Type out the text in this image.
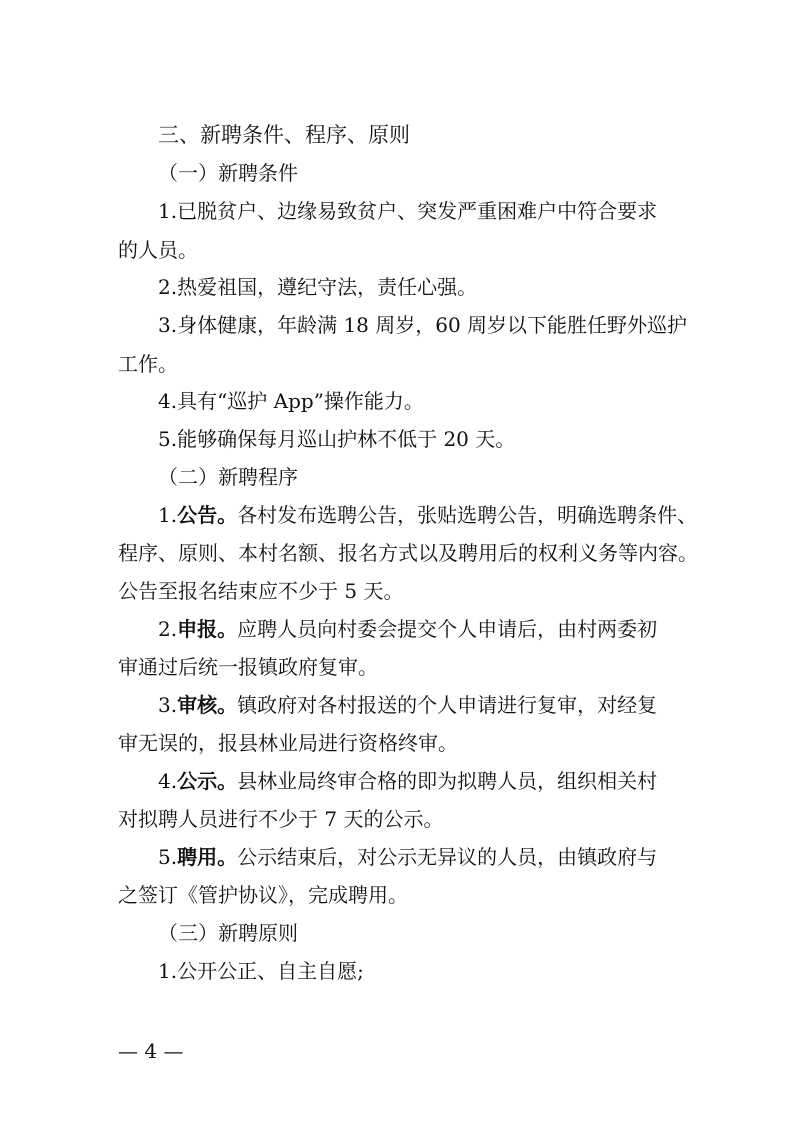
三、新聘条件、程序、原则
（一）新聘条件
1.已脱贫户、边缘易致贫户、突发严重困难户中符合要求
的人员。
2.热爱祖国，遵纪守法，责任心强。
3.身体健康，年龄满 18 周岁，60 周岁以下能胜任野外巡护
工作。
4.具有“巡护 App”操作能力。
5.能够确保每月巡山护林不低于 20 天。
（二）新聘程序
1.公告。各村发布选聘公告，张贴选聘公告，明确选聘条件、
程序、原则、本村名额、报名方式以及聘用后的权利义务等内容。
公告至报名结束应不少于 5 天。
2.申报。应聘人员向村委会提交个人申请后，由村两委初
审通过后统一报镇政府复审。
3.审核。镇政府对各村报送的个人申请进行复审，对经复
审无误的，报县林业局进行资格终审。
4.公示。县林业局终审合格的即为拟聘人员，组织相关村
对拟聘人员进行不少于 7 天的公示。
5.聘用。公示结束后，对公示无异议的人员，由镇政府与
之签订《管护协议》，完成聘用。
（三）新聘原则
1.公开公正、自主自愿;
— 4 —
